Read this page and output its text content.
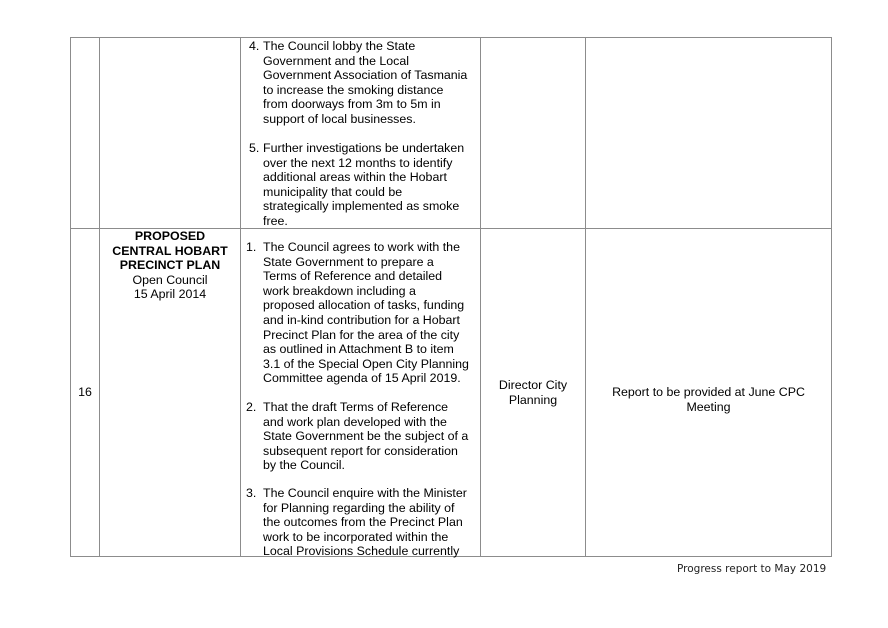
4. The Council lobby the State
Government and the Local
Government Association of Tasmania
to increase the smoking distance
from doorways from 3m to 5m in
support of local businesses.
5. Further investigations be undertaken
over the next 12 months to identify
additional areas within the Hobart
municipality that could be
strategically implemented as smoke
free.
16
PROPOSED
CENTRAL HOBART
PRECINCT PLAN
Open Council
15 April 2014
1. The Council agrees to work with the
State Government to prepare a
Terms of Reference and detailed
work breakdown including a
proposed allocation of tasks, funding
and in-kind contribution for a Hobart
Precinct Plan for the area of the city
as outlined in Attachment B to item
3.1 of the Special Open City Planning
Committee agenda of 15 April 2019.
2. That the draft Terms of Reference
and work plan developed with the
State Government be the subject of a
subsequent report for consideration
by the Council.
3. The Council enquire with the Minister
for Planning regarding the ability of
the outcomes from the Precinct Plan
work to be incorporated within the
Local Provisions Schedule currently
Director City
Planning
Report to be provided at June CPC
Meeting
Progress report to May 2019
